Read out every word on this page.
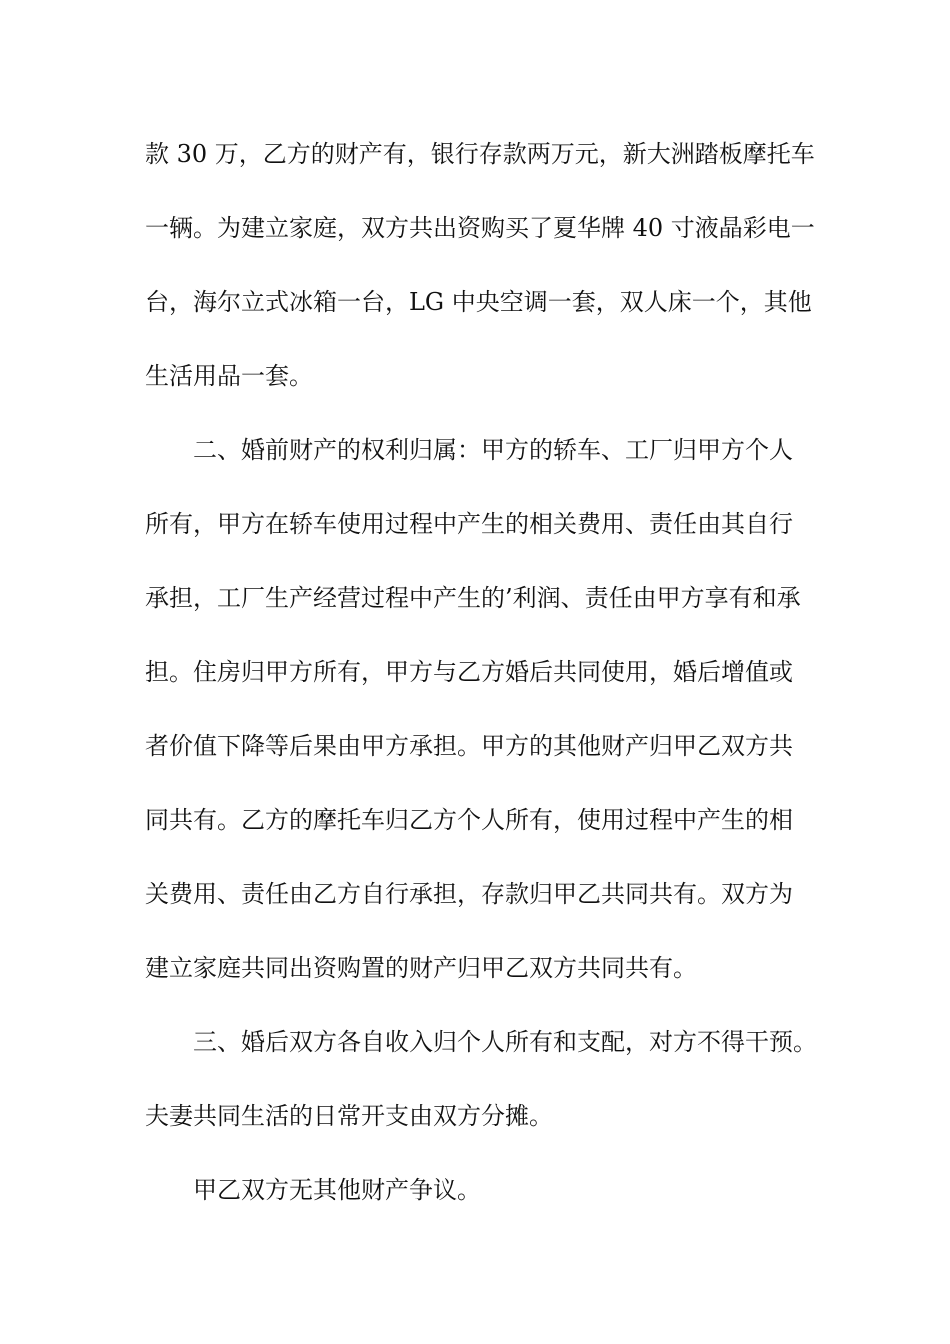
款 30 万，乙方的财产有，银行存款两万元，新大洲踏板摩托车
一辆。为建立家庭，双方共出资购买了夏华牌 40 寸液晶彩电一
台，海尔立式冰箱一台，LG 中央空调一套，双人床一个，其他
生活用品一套。
二、婚前财产的权利归属：甲方的轿车、工厂归甲方个人
所有，甲方在轿车使用过程中产生的相关费用、责任由其自行
承担，工厂生产经营过程中产生的’利润、责任由甲方享有和承
担。住房归甲方所有，甲方与乙方婚后共同使用，婚后增值或
者价值下降等后果由甲方承担。甲方的其他财产归甲乙双方共
同共有。乙方的摩托车归乙方个人所有，使用过程中产生的相
关费用、责任由乙方自行承担，存款归甲乙共同共有。双方为
建立家庭共同出资购置的财产归甲乙双方共同共有。
三、婚后双方各自收入归个人所有和支配，对方不得干预。
夫妻共同生活的日常开支由双方分摊。
甲乙双方无其他财产争议。
